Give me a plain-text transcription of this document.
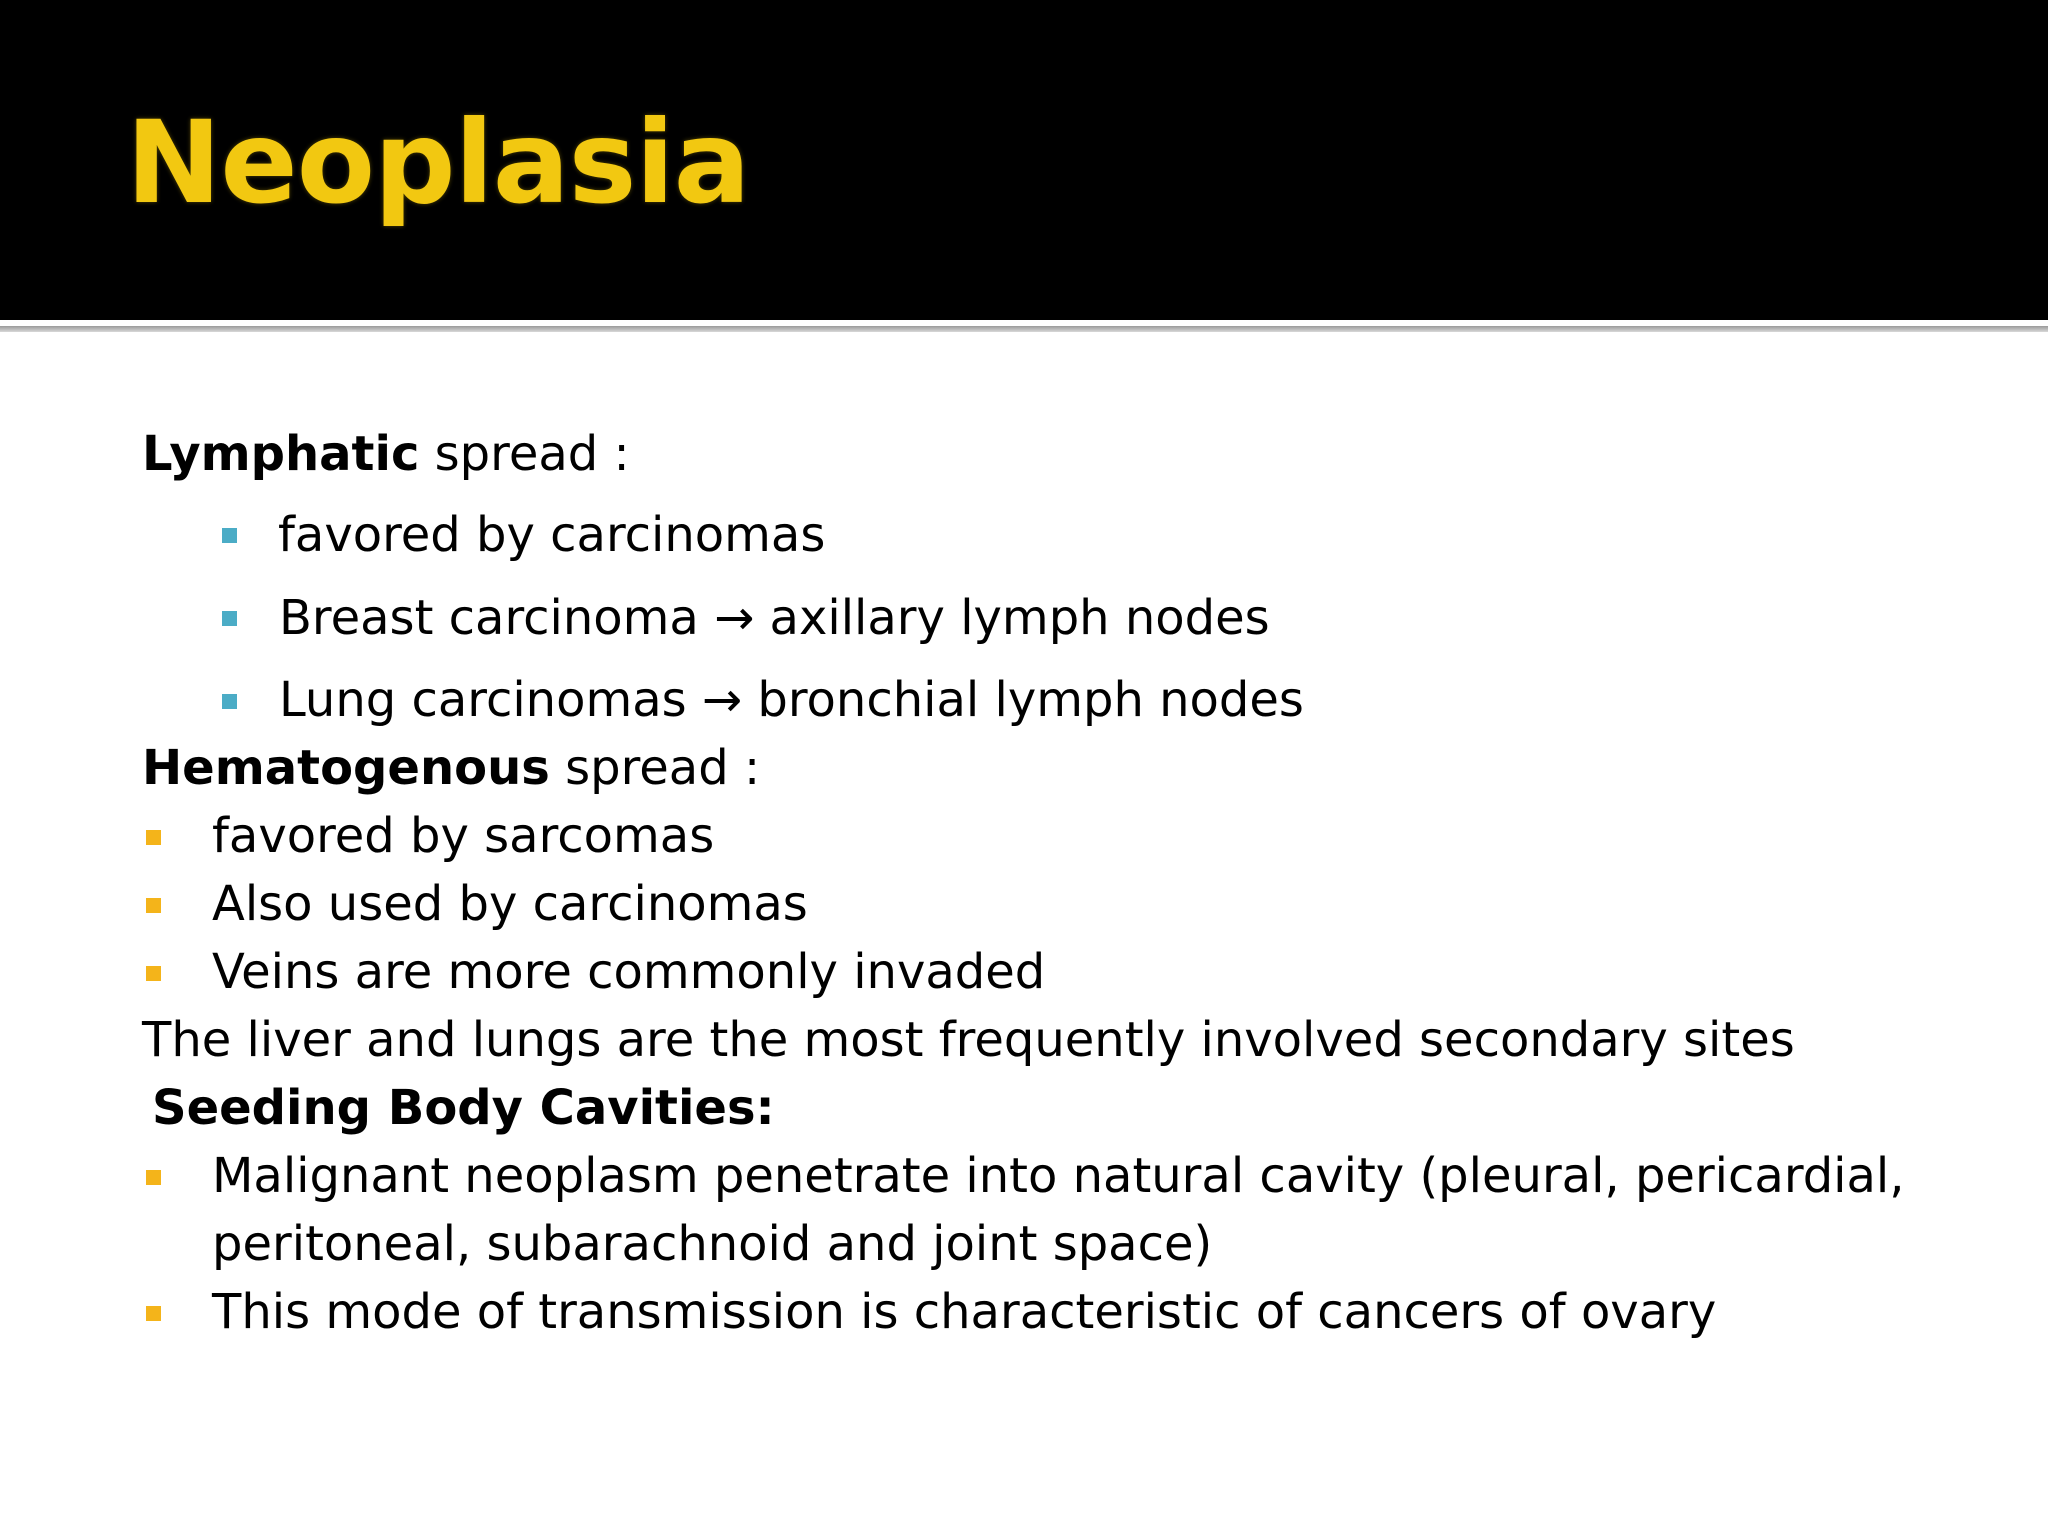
Neoplasia

Lymphatic spread :

favored by carcinomas

Breast carcinoma → axillary lymph nodes

Lung carcinomas → bronchial lymph nodes

Hematogenous spread :

favored by sarcomas

Also used by carcinomas

Veins are more commonly invaded

The liver and lungs are the most frequently involved secondary sites

Seeding Body Cavities:

Malignant neoplasm penetrate into natural cavity (pleural, pericardial,

peritoneal, subarachnoid and joint space)

This mode of transmission is characteristic of cancers of ovary
